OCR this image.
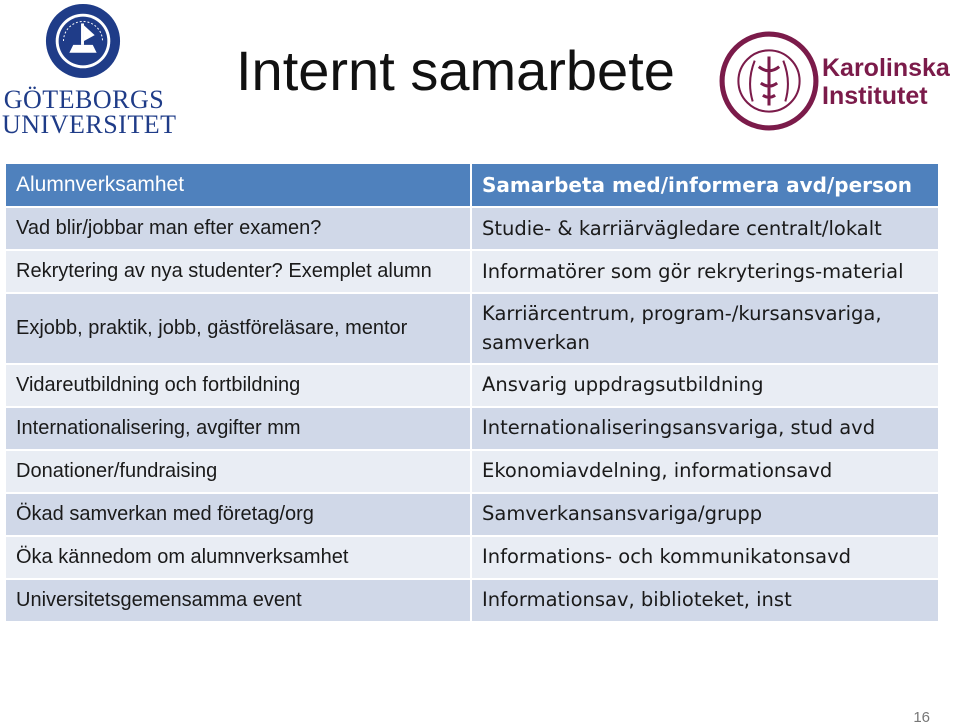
GÖTEBORGS
UNIVERSITET
Internt samarbete	Karolinska
Institutet
Alumnverksamhet	Samarbeta med/informera avd/person
Vad blir/jobbar man efter examen?	Studie- & karriärvägledare centralt/lokalt
Rekrytering av nya studenter? Exemplet alumn	Informatörer som gör rekryterings-material
Exjobb, praktik, jobb, gästföreläsare, mentor	Karriärcentrum, program-/kursansvariga, samverkan
Vidareutbildning och fortbildning	Ansvarig uppdragsutbildning
Internationalisering, avgifter mm	Internationaliseringsansvariga, stud avd
Donationer/fundraising	Ekonomiavdelning, informationsavd
Ökad samverkan med företag/org	Samverkansansvariga/grupp
Öka kännedom om alumnverksamhet	Informations- och kommunikatonsavd
Universitetsgemensamma event	Informationsav, biblioteket, inst
16
